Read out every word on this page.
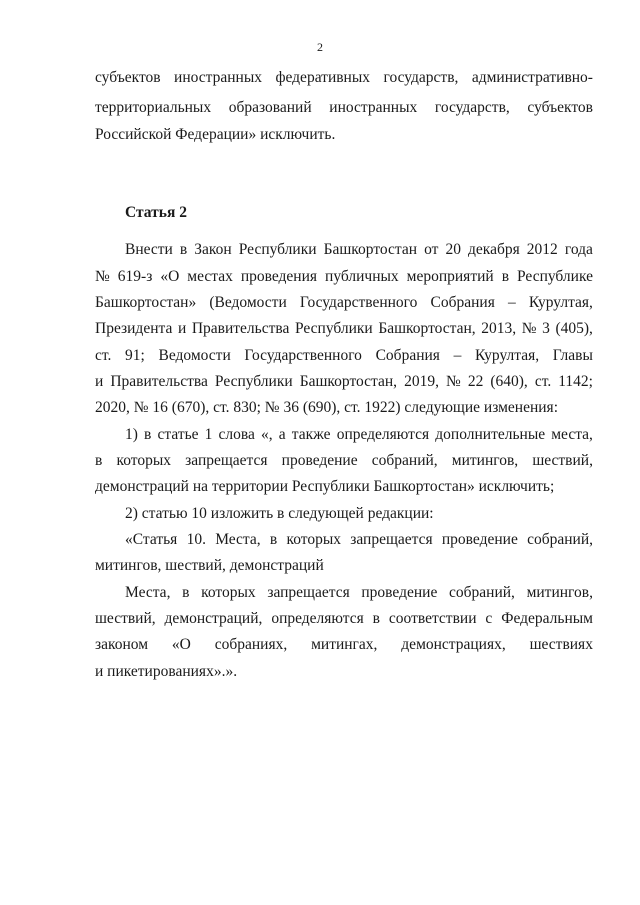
2
субъектов иностранных федеративных государств, административно-
территориальных образований иностранных государств, субъектов
Российской Федерации» исключить.
Статья 2
Внести в Закон Республики Башкортостан от 20 декабря 2012 года
№ 619-з «О местах проведения публичных мероприятий в Республике
Башкортостан» (Ведомости Государственного Собрания – Курултая,
Президента и Правительства Республики Башкортостан, 2013, № 3 (405),
ст. 91; Ведомости Государственного Собрания – Курултая, Главы
и Правительства Республики Башкортостан, 2019, № 22 (640), ст. 1142;
2020, № 16 (670), ст. 830; № 36 (690), ст. 1922) следующие изменения:
1) в статье 1 слова «, а также определяются дополнительные места,
в которых запрещается проведение собраний, митингов, шествий,
демонстраций на территории Республики Башкортостан» исключить;
2) статью 10 изложить в следующей редакции:
«Статья 10. Места, в которых запрещается проведение собраний,
митингов, шествий, демонстраций
Места, в которых запрещается проведение собраний, митингов,
шествий, демонстраций, определяются в соответствии с Федеральным
законом «О собраниях, митингах, демонстрациях, шествиях
и пикетированиях».».
